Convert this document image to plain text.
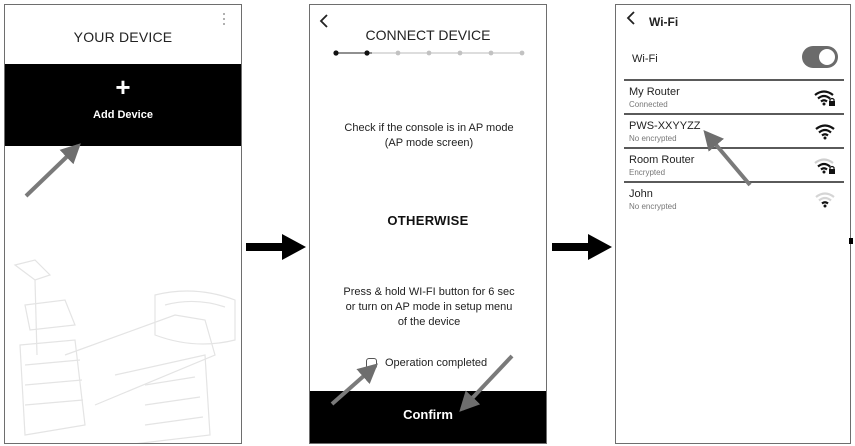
YOUR DEVICE
+
Add Device
CONNECT DEVICE
Check if the console is in AP mode
(AP mode screen)
OTHERWISE
Press & hold WI-FI button for 6 sec
or turn on AP mode in setup menu
of the device
Operation completed
Confirm
Wi-Fi
Wi-Fi
My Router
Connected
PWS-XXYYZZ
No encrypted
Room Router
Encrypted
John
No encrypted
